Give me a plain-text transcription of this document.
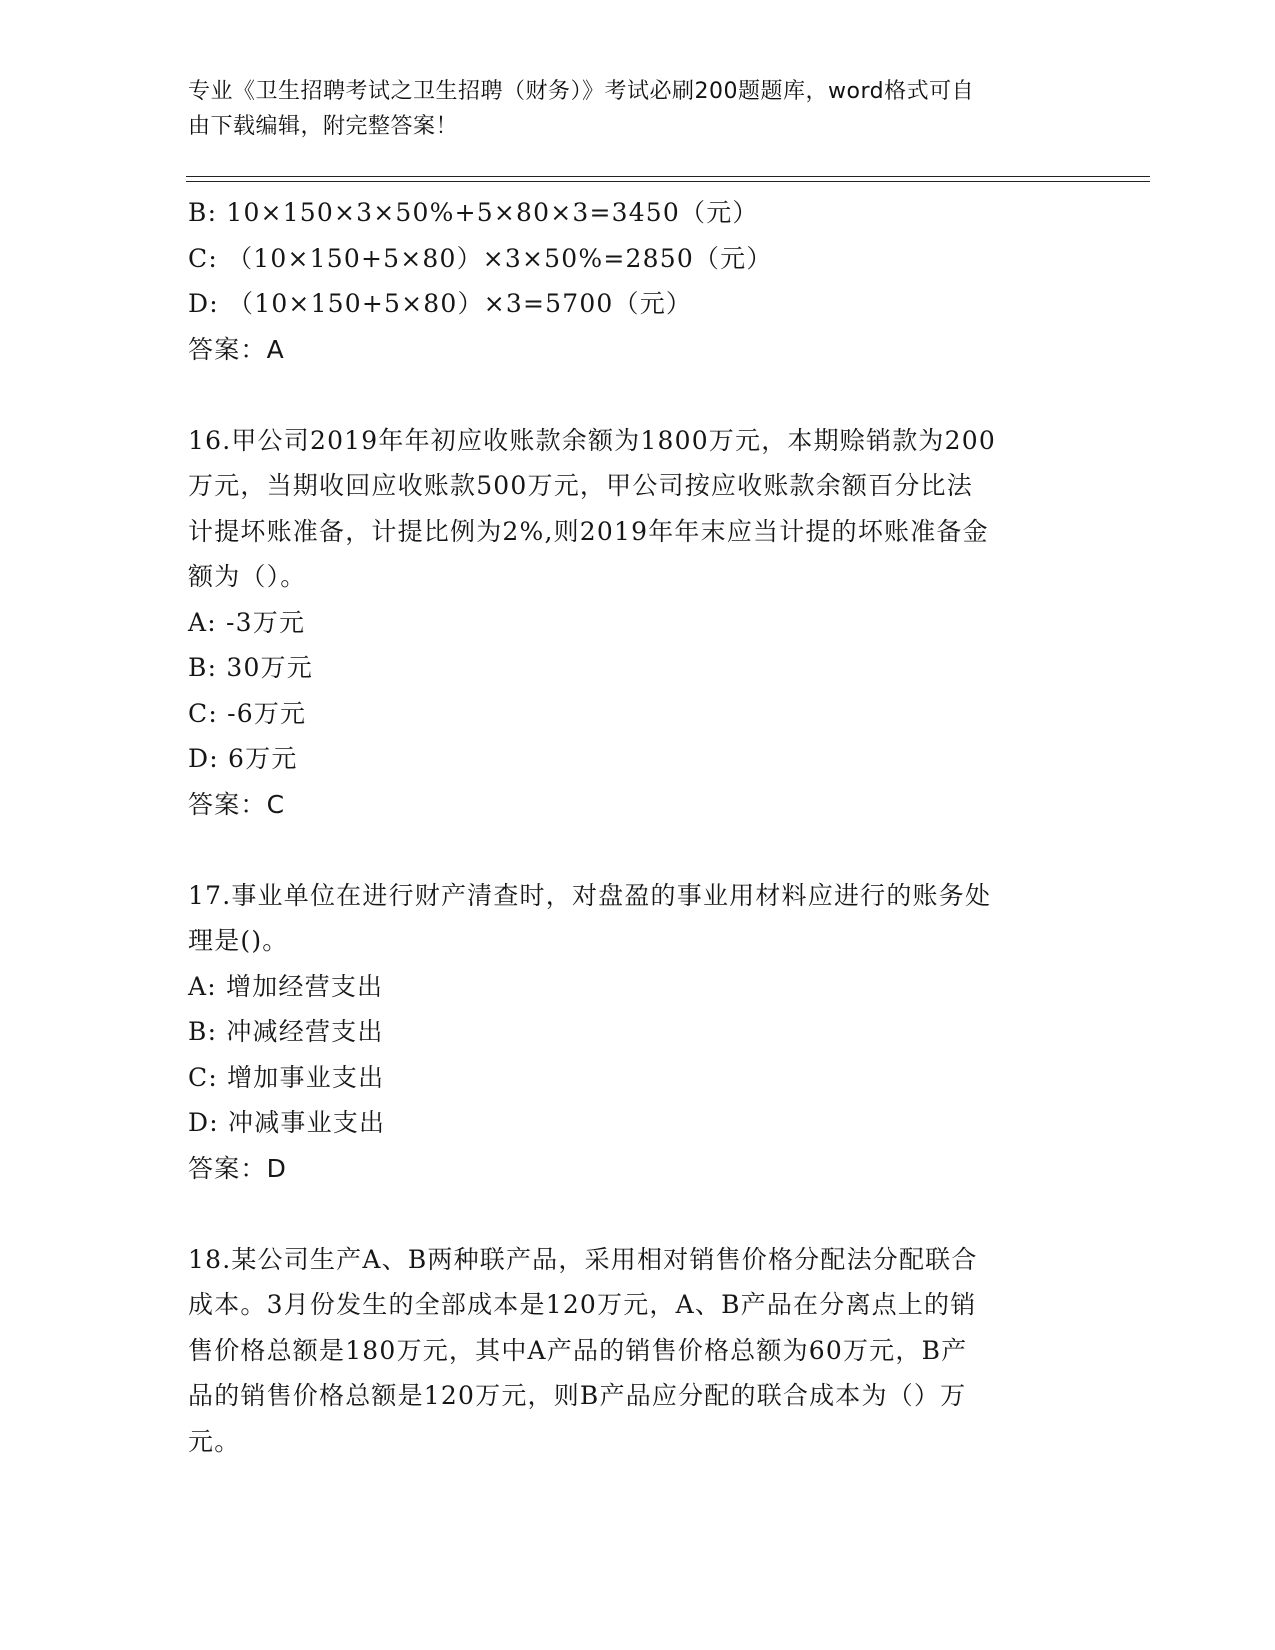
专业《卫生招聘考试之卫生招聘（财务）》考试必刷200题题库，word格式可自
由下载编辑，附完整答案！
B: 10×150×3×50%+5×80×3=3450（元）
C: （10×150+5×80）×3×50%=2850（元）
D: （10×150+5×80）×3=5700（元）
答案：A
16.甲公司2019年年初应收账款余额为1800万元，本期赊销款为200
万元，当期收回应收账款500万元，甲公司按应收账款余额百分比法
计提坏账准备，计提比例为2%,则2019年年末应当计提的坏账准备金
额为（）。
A: -3万元
B: 30万元
C: -6万元
D: 6万元
答案：C
17.事业单位在进行财产清查时，对盘盈的事业用材料应进行的账务处
理是()。
A: 增加经营支出
B: 冲减经营支出
C: 增加事业支出
D: 冲减事业支出
答案：D
18.某公司生产A、B两种联产品，采用相对销售价格分配法分配联合
成本。3月份发生的全部成本是120万元，A、B产品在分离点上的销
售价格总额是180万元，其中A产品的销售价格总额为60万元，B产
品的销售价格总额是120万元，则B产品应分配的联合成本为（）万
元。
